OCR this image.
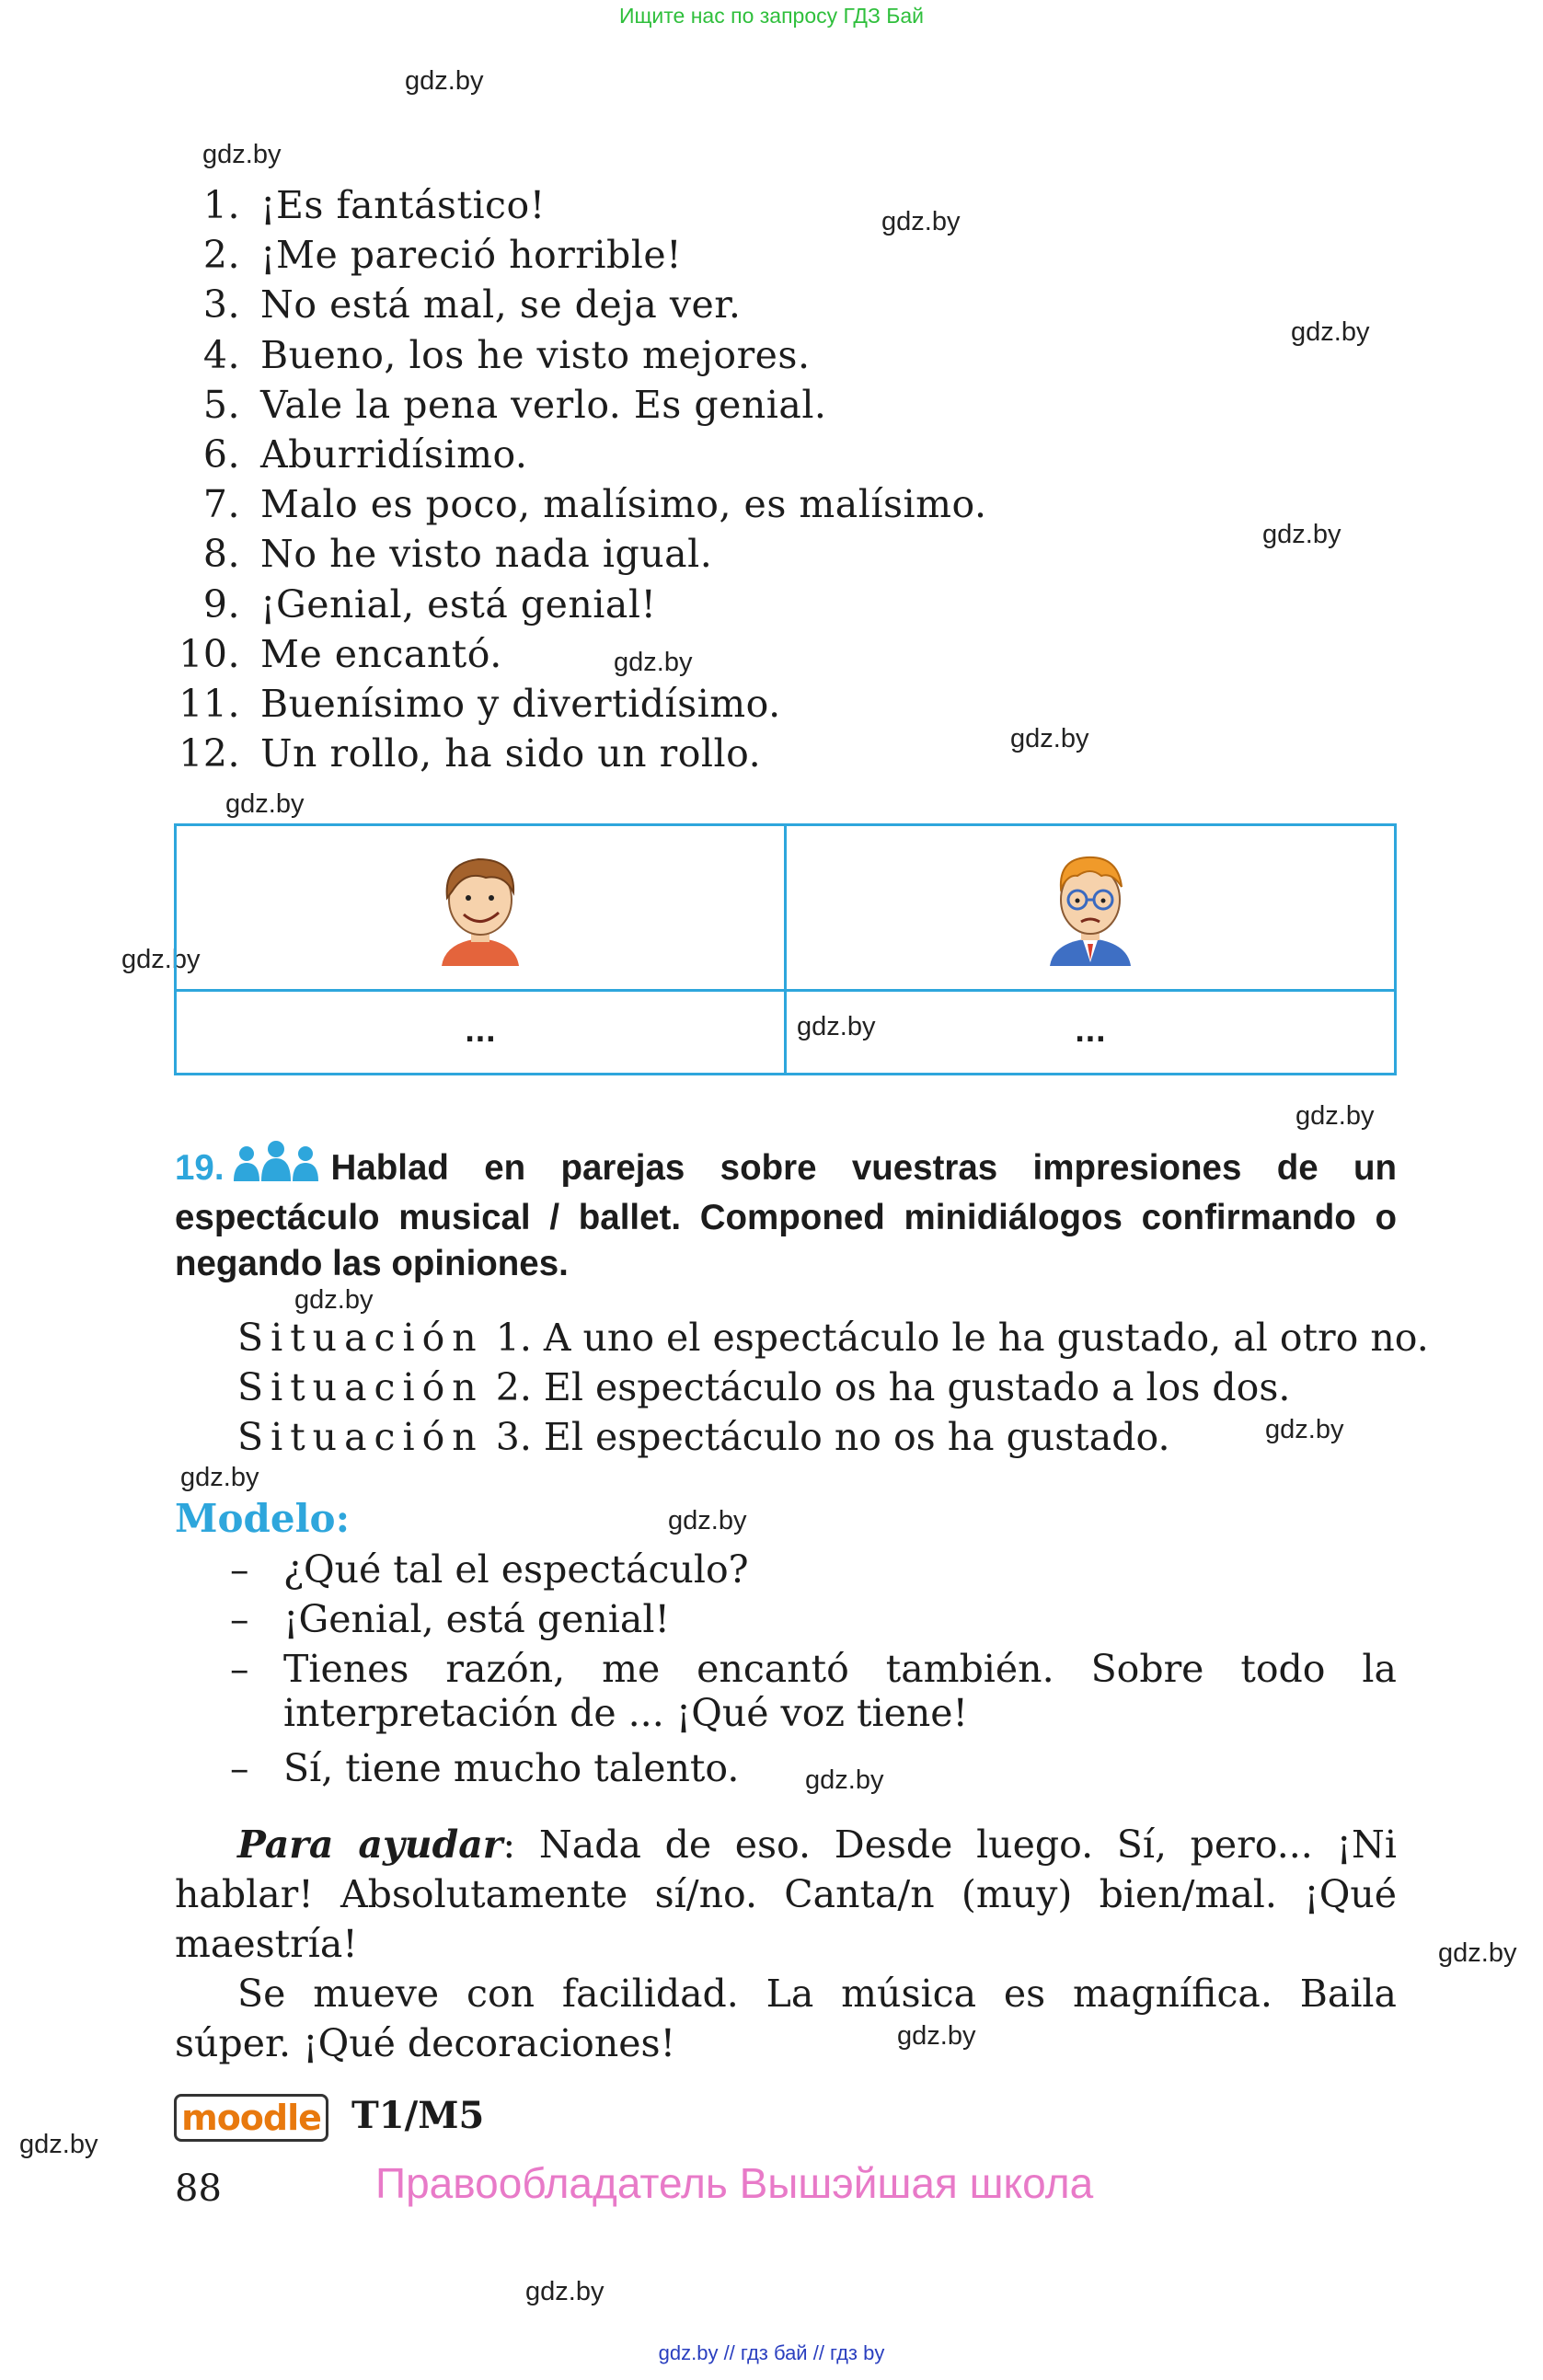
Ищите нас по запросу ГДЗ Бай
gdz.by
gdz.by
gdz.by
gdz.by
gdz.by
gdz.by
gdz.by
gdz.by
gdz.by
gdz.by
gdz.by
gdz.by
gdz.by
gdz.by
gdz.by
gdz.by
gdz.by
gdz.by
gdz.by
gdz.by
1. ¡Es fantástico!
2. ¡Me pareció horrible!
3. No está mal, se deja ver.
4. Bueno, los he visto mejores.
5. Vale la pena verlo. Es genial.
6. Aburridísimo.
7. Malo es poco, malísimo, es malísimo.
8. No he visto nada igual.
9. ¡Genial, está genial!
10. Me encantó.
11. Buenísimo y divertidísimo.
12. Un rollo, ha sido un rollo.

...	...
19.	Hablad en parejas sobre vuestras impresiones de un espectáculo musical / ballet. Componed minidiálogos confirmando o negando las opiniones.
Situación 1. A uno el espectáculo le ha gustado, al otro no.
Situación 2. El espectáculo os ha gustado a los dos.
Situación 3. El espectáculo no os ha gustado.
Modelo:
– ¿Qué tal el espectáculo?
– ¡Genial, está genial!
– Tienes razón, me encantó también. Sobre todo la interpretación de ... ¡Qué voz tiene!
– Sí, tiene mucho talento.
Para ayudar: Nada de eso. Desde luego. Sí, pero... ¡Ni hablar! Absolutamente sí/no. Canta/n (muy) bien/mal. ¡Qué maestría!
Se mueve con facilidad. La música es magnífica. Baila súper. ¡Qué decoraciones!
moodle T1/M5
88	Правообладатель Вышэйшая школа
gdz.by // гдз бай // гдз by
